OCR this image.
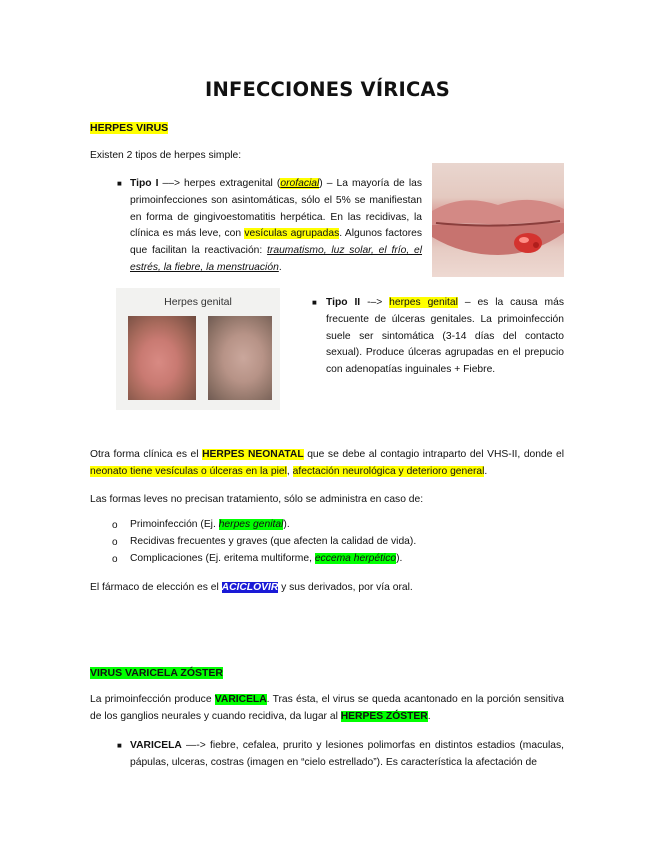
INFECCIONES VÍRICAS
HERPES VIRUS
Existen 2 tipos de herpes simple:
■ Tipo I ––> herpes extragenital (orofacial) – La mayoría de las primoinfecciones son asintomáticas, sólo el 5% se manifiestan en forma de gingivoestomatitis herpética. En las recidivas, la clínica es más leve, con vesículas agrupadas. Algunos factores que facilitan la reactivación: traumatismo, luz solar, el frío, el estrés, la fiebre, la menstruación.
Herpes genital	■ Tipo II -–> herpes genital – es la causa más frecuente de úlceras genitales. La primoinfección suele ser sintomática (3-14 días del contacto sexual). Produce úlceras agrupadas en el prepucio con adenopatías inguinales + Fiebre.
Otra forma clínica es el HERPES NEONATAL que se debe al contagio intraparto del VHS-II, donde el neonato tiene vesículas o úlceras en la piel, afectación neurológica y deterioro general.
Las formas leves no precisan tratamiento, sólo se administra en caso de:
o Primoinfección (Ej. herpes genital).
o Recidivas frecuentes y graves (que afecten la calidad de vida).
o Complicaciones (Ej. eritema multiforme, eccema herpético).
El fármaco de elección es el ACICLOVIR y sus derivados, por vía oral.
VIRUS VARICELA ZÓSTER
La primoinfección produce VARICELA. Tras ésta, el virus se queda acantonado en la porción sensitiva de los ganglios neurales y cuando recidiva, da lugar al HERPES ZÓSTER.
■ VARICELA —-> fiebre, cefalea, prurito y lesiones polimorfas en distintos estadios (maculas, pápulas, ulceras, costras (imagen en “cielo estrellado”). Es característica la afectación de
